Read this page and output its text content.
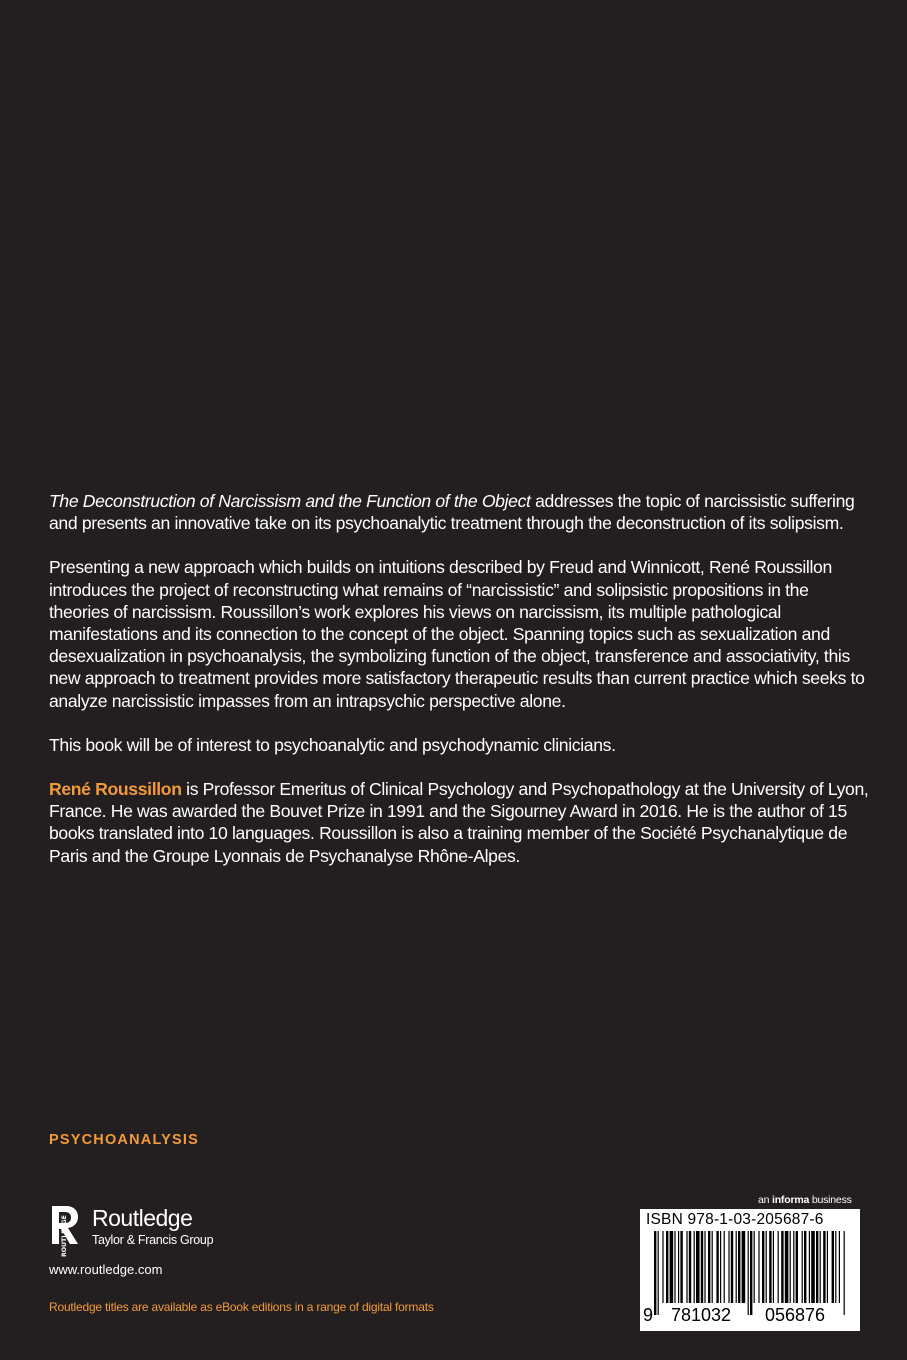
The Deconstruction of Narcissism and the Function of the Object addresses the topic of narcissistic suffering and presents an innovative take on its psychoanalytic treatment through the deconstruction of its solipsism.

Presenting a new approach which builds on intuitions described by Freud and Winnicott, René Roussillon introduces the project of reconstructing what remains of “narcissistic” and solipsistic propositions in the theories of narcissism. Roussillon’s work explores his views on narcissism, its multiple pathological manifestations and its connection to the concept of the object. Spanning topics such as sexualization and desexualization in psychoanalysis, the symbolizing function of the object, transference and associativity, this new approach to treatment provides more satisfactory therapeutic results than current practice which seeks to analyze narcissistic impasses from an intrapsychic perspective alone.

This book will be of interest to psychoanalytic and psychodynamic clinicians.

René Roussillon is Professor Emeritus of Clinical Psychology and Psychopathology at the University of Lyon, France. He was awarded the Bouvet Prize in 1991 and the Sigourney Award in 2016. He is the author of 15 books translated into 10 languages. Roussillon is also a training member of the Société Psychanalytique de Paris and the Groupe Lyonnais de Psychanalyse Rhône-Alpes.

PSYCHOANALYSIS
ROUTLEDGE Routledge
Taylor & Francis Group
www.routledge.com
Routledge titles are available as eBook editions in a range of digital formats
an informa business
ISBN 978-1-03-205687-6
9 781032 056876
